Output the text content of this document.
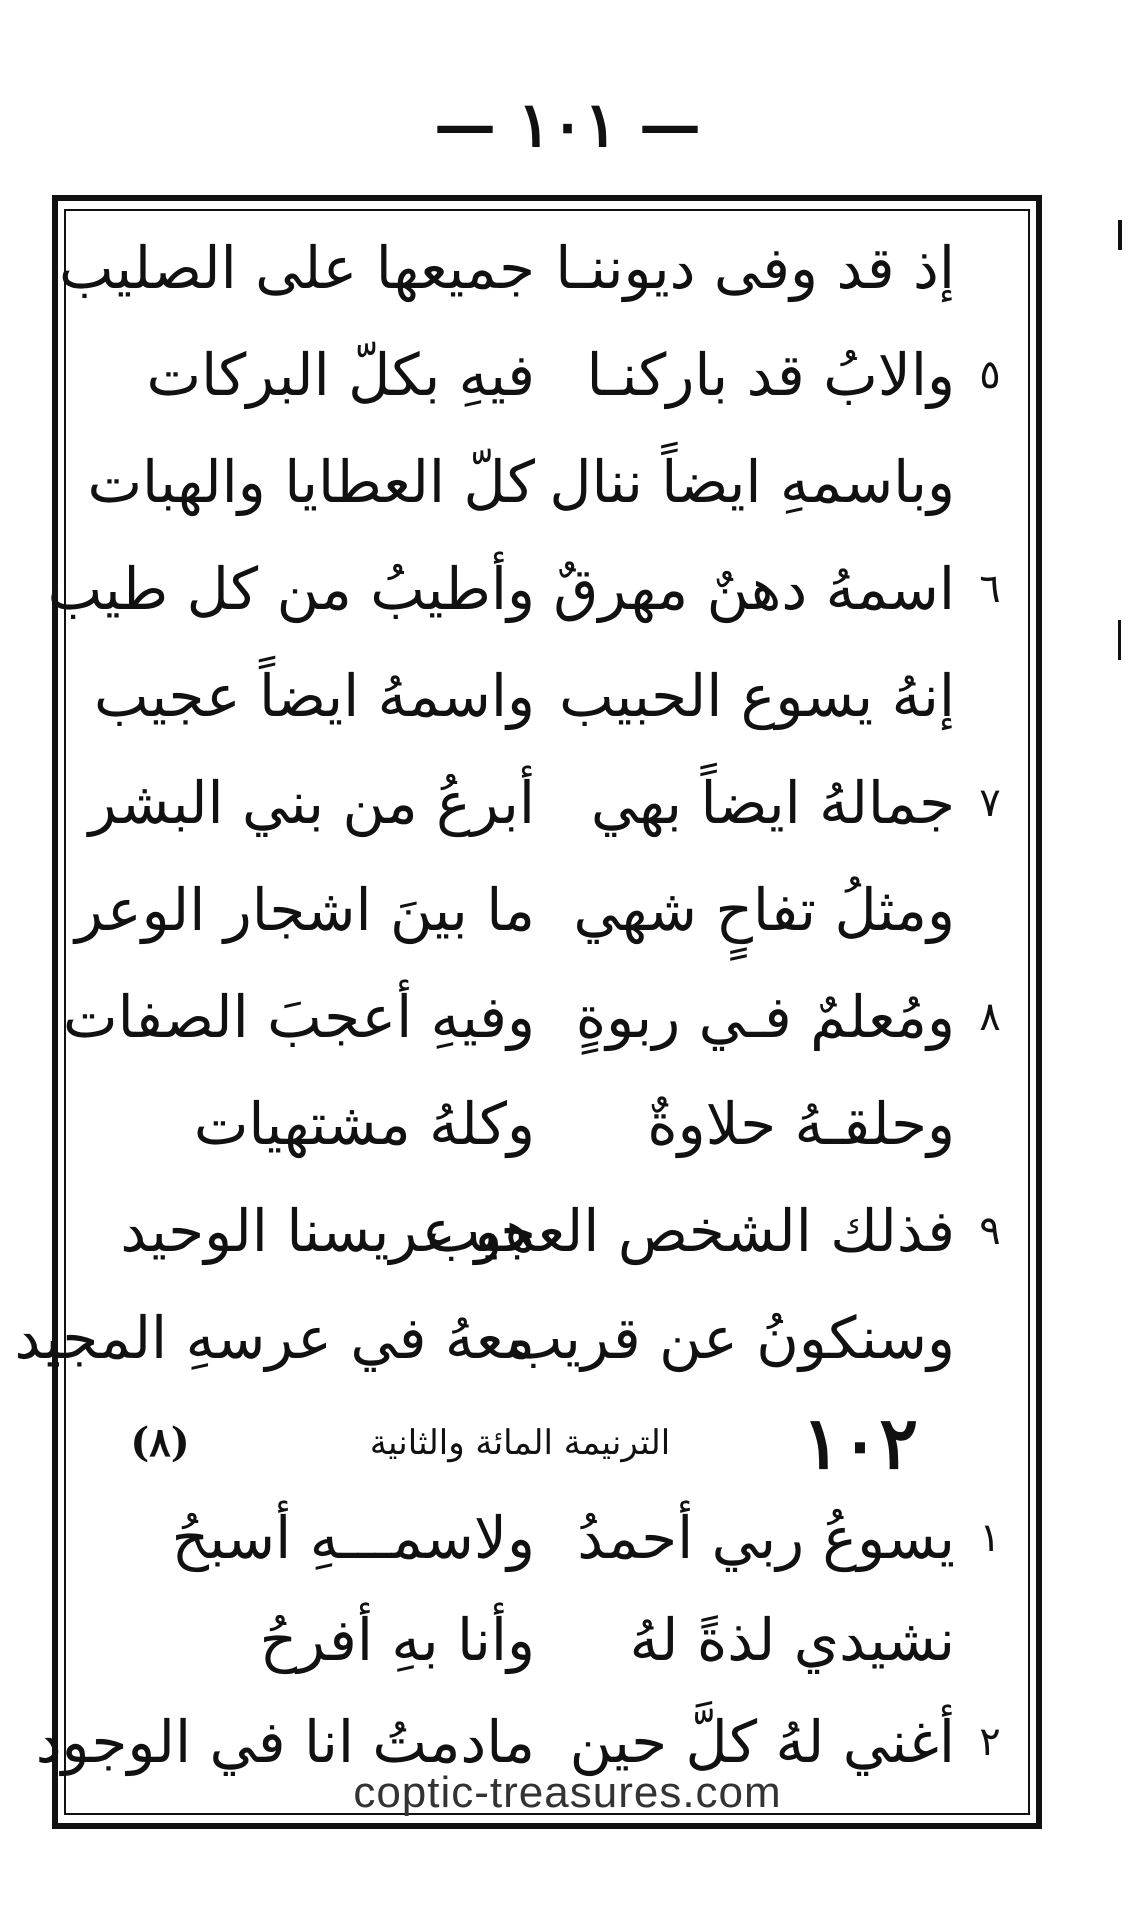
— ١٠١ —
إذ قد وفى ديوننـا
جميعها على الصليب
٥
والابُ قد باركنـا
فيهِ بكلّ البركات
وباسمهِ ايضاً ننال
كلّ العطايا والهبات
٦
اسمهُ دهنٌ مهرقٌ
وأطيبُ من كل طيب
إنهُ يسوع الحبيب
واسمهُ ايضاً عجيب
٧
جمالهُ ايضاً بهي
أبرعُ من بني البشر
ومثلُ تفاحٍ شهي
ما بينَ اشجار الوعر
٨
ومُعلمٌ فـي ربوةٍ
وفيهِ أعجبَ الصفات
وحلقـهُ حلاوةٌ
وكلهُ مشتهيات
٩
فذلك الشخص العجيب
هو عريسنا الوحيد
وسنكونُ عن قريب
معهُ في عرسهِ المجيد
١٠٢
الترنيمة المائة والثانية
(٨)
١
يسوعُ ربي أحمدُ
ولاسمـــهِ أسبحُ
نشيدي لذةً لهُ
وأنا بهِ أفرحُ
٢
أغني لهُ كلَّ حين
مادمتُ انا في الوجود
coptic-treasures.com
